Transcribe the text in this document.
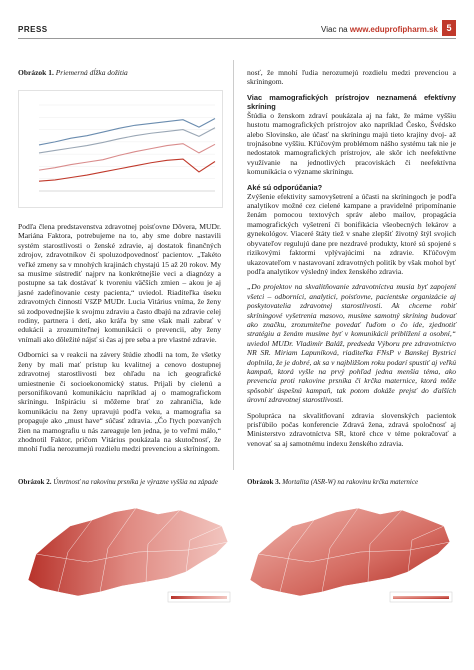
PRESS	Viac na www.eduprofipharm.sk 5
Obrázok 1. Priemerná dĺžka dožitia

Podľa člena predstavenstva zdravotnej poisťovne Dôvera, MUDr. Mariána Faktora, potrebujeme na to, aby sme dobre nastavili systém starostlivosti o ženské zdravie, aj dostatok finančných zdrojov, zdravotníkov či spoluzodpovednosť pacientov. „Takéto veľké zmeny sa v mnohých krajinách chystajú 15 až 20 rokov. My sa musíme sústrediť najprv na konkrétnejšie veci a diagnózy a postupne sa tak dostávať k tvoreniu väčších zmien – akou je aj jasné zadefinovanie cesty pacienta,“ uviedol. Riaditeľka úseku zdravotných činností VšZP MUDr. Lucia Vitárius vníma, že ženy sú zodpovednejšie k svojmu zdraviu a často dbajú na zdravie celej rodiny, partnera i detí, ako kráľa by sme však mali zabrať v edukácii a zrozumiteľnej komunikácii o prevencii, aby ženy vnímali ako dôležité nájsť si čas aj pre seba a pre vlastné zdravie.

Odborníci sa v reakcii na závery štúdie zhodli na tom, že všetky ženy by mali mať prístup ku kvalitnej a cenovo dostupnej zdravotnej starostlivosti bez ohľadu na ich geografické umiestnenie či socioekonomický status. Prijali by cielenú a personifikovanú komunikáciu napríklad aj o mamografickom skríningu. Inšpiráciu si môžeme brať zo zahraničia, kde komunikáciu na ženy upravujú podľa veku, a mamografia sa propaguje ako „must have“ súčasť zdravia. „Čo ľtych pozvaných žien na mamografiu u nás zareaguje len jedna, je to veľmi málo,“ zhodnotil Faktor, pričom Vitárius poukázala na skutočnosť, že mnohí ľudia nerozumejú rozdielu medzi prevenciou a skríningom.

nosť, že mnohí ľudia nerozumejú rozdielu medzi prevenciou a skríningom.

Viac mamografických prístrojov neznamená efektívny skríning

Štúdia o ženskom zdraví poukázala aj na fakt, že máme vyššiu hustotu mamografických prístrojov ako napríklad Česko, Švédsko alebo Slovinsko, ale účasť na skríningu majú tieto krajiny dvoj- až trojnásobne vyššiu. Kľúčovým problémom nášho systému tak nie je nedostatok mamografických prístrojov, ale skôr ich neefektívne využívanie na jednotlivých pracoviskách či neefektívna komunikácia o význame skríningu.

Aké sú odporúčania?

Zvýšenie efektivity samovyšetrení a účasti na skríningoch je podľa analytikov možné cez cielené kampane a pravidelné pripomínanie ženám pomocou textových správ alebo mailov, propagácia mamografických vyšetrení či bonifikácia všeobecných lekárov a gynekológov. Viaceré štáty tiež v snahe zlepšiť životný štýl svojich obyvateľov regulujú dane pre nezdravé produkty, ktoré sú spojené s rizikovými faktormi vplývajúcimi na zdravie. Kľúčovým ukazovateľom v nastavovaní zdravotných politík by však mohol byť podľa analytikov výsledný index ženského zdravia.

„Do projektov na skvalitňovanie zdravotníctva musia byť zapojení všetci – odborníci, analytici, poisťovne, pacientske organizácie aj poskytovatelia zdravotnej starostlivosti. Ak chceme robiť skríningové vyšetrenia masovo, musíme samotný skríning budovať ako značku, zrozumiteľne povedať ľuďom o čo ide, zjednotiť stratégiu a ženám musíme byť v komunikácii priblížení a osobní,“ uviedol MUDr. Vladimír Baláž, predseda Výboru pre zdravotníctvo NR SR. Miriam Lapuníková, riaditeľka FNsP v Banskej Bystrici doplnila, že je dobré, ak sa v najbližšom roku podarí spustiť aj veľkú kampaň, ktorá vyšle na prvý pohľad jedna menšia téma, ako prevencia proti rakovine prsníka či krčka maternice, ktorá môže spôsobiť úspešnú kampaň, tak potom dokáže prejsť do ďalších úrovní zdravotnej starostlivosti.

Spolupráca na skvalitňovaní zdravia slovenských pacientok prisľúbilo počas konferencie Zdravá žena, zdravá spoločnosť aj Ministerstvo zdravotníctva SR, ktoré chce v téme pokračovať a venovať sa aj samotnému indexu ženského zdravia.

Obrázok 2. Úmrtnosť na rakovinu prsníka je výrazne vyššia na západe	Obrázok 3. Mortalita (ASR-W) na rakovinu krčka maternice
